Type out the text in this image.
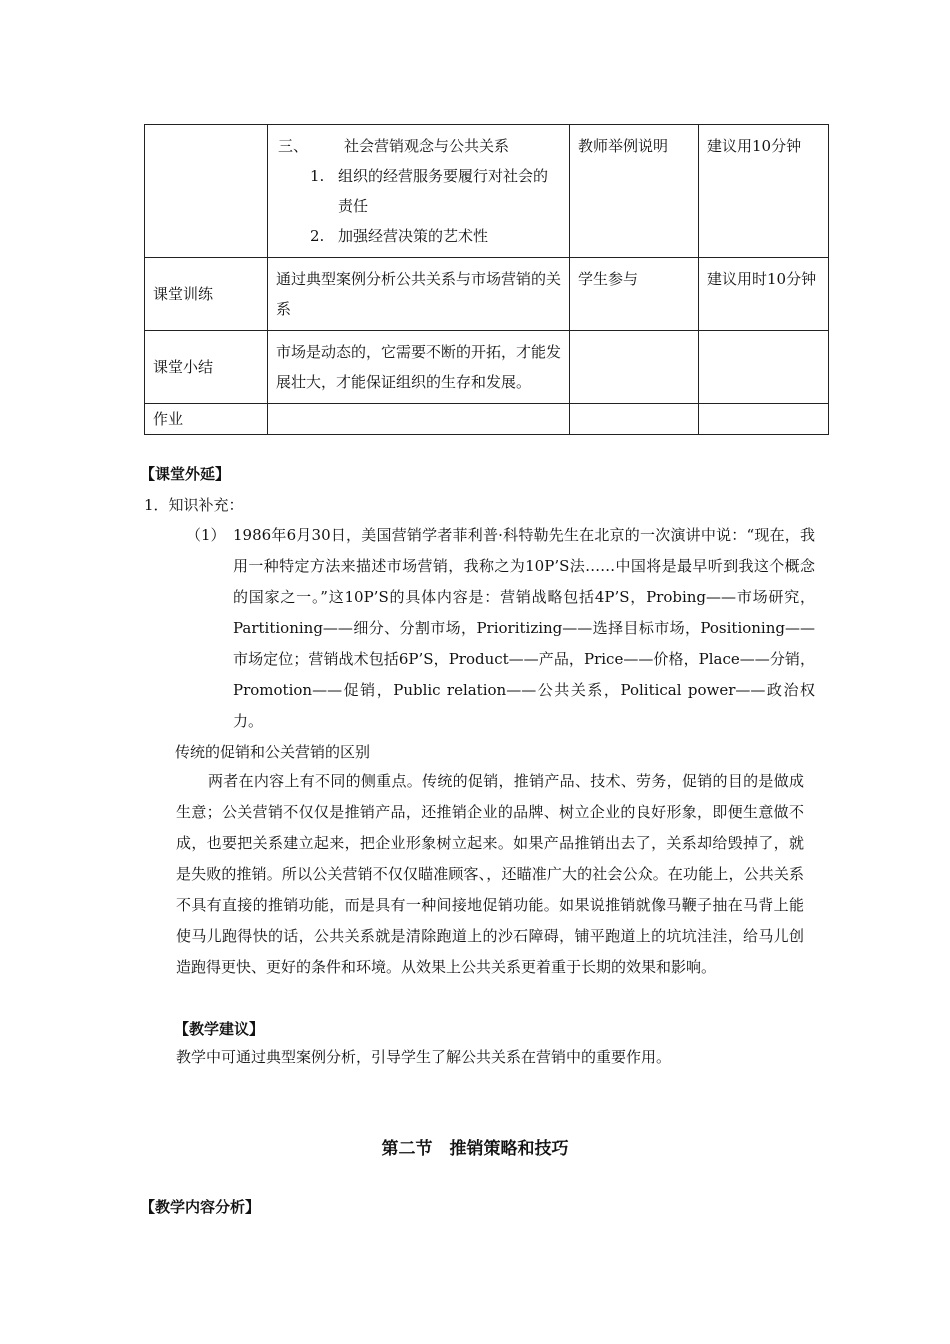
	三、 社会营销观念与公共关系
1. 组织的经营服务要履行对社会的责任
2. 加强经营决策的艺术性	教师举例说明	建议用10分钟
课堂训练	通过典型案例分析公共关系与市场营销的关系	学生参与	建议用时10分钟
课堂小结	市场是动态的，它需要不断的开拓，才能发展壮大，才能保证组织的生存和发展。		
作业			
【课堂外延】
1．知识补充：
（1） 1986年6月30日，美国营销学者菲利普·科特勒先生在北京的一次演讲中说：“现在，我用一种特定方法来描述市场营销，我称之为10P’S法……中国将是最早听到我这个概念的国家之一。”这10P’S的具体内容是：营销战略包括4P’S，Probing——市场研究，Partitioning——细分、分割市场，Prioritizing——选择目标市场，Positioning——市场定位；营销战术包括6P’S，Product——产品，Price——价格，Place——分销，Promotion——促销，Public relation——公共关系，Political power——政治权力。
传统的促销和公关营销的区别
两者在内容上有不同的侧重点。传统的促销，推销产品、技术、劳务，促销的目的是做成生意；公关营销不仅仅是推销产品，还推销企业的品牌、树立企业的良好形象，即便生意做不成，也要把关系建立起来，把企业形象树立起来。如果产品推销出去了，关系却给毁掉了，就是失败的推销。所以公关营销不仅仅瞄准顾客、，还瞄准广大的社会公众。在功能上，公共关系不具有直接的推销功能，而是具有一种间接地促销功能。如果说推销就像马鞭子抽在马背上能使马儿跑得快的话，公共关系就是清除跑道上的沙石障碍，铺平跑道上的坑坑洼洼，给马儿创造跑得更快、更好的条件和环境。从效果上公共关系更着重于长期的效果和影响。
【教学建议】
教学中可通过典型案例分析，引导学生了解公共关系在营销中的重要作用。
第二节　推销策略和技巧
【教学内容分析】
